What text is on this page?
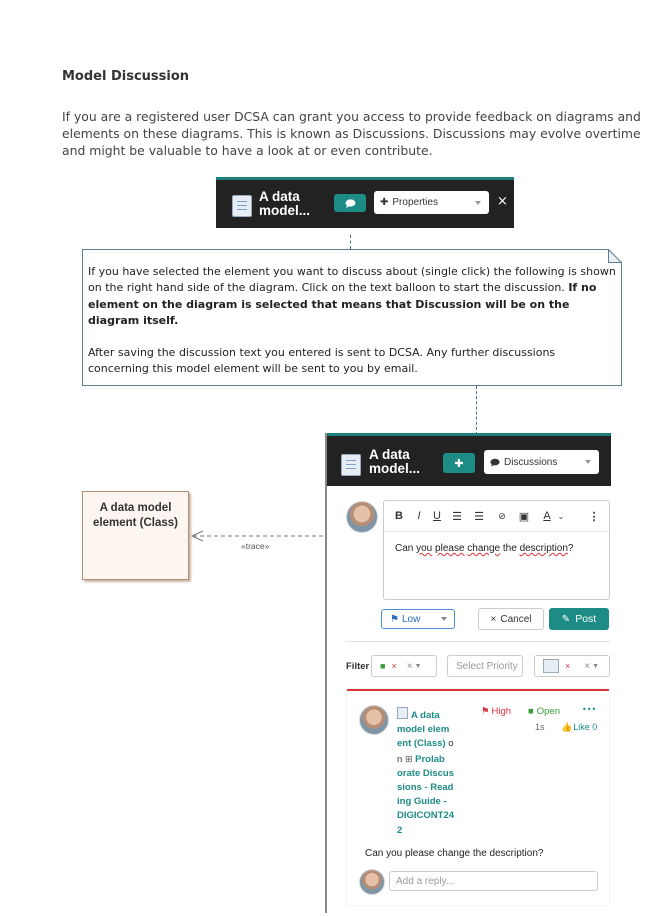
Model Discussion
If you are a registered user DCSA can grant you access to provide feedback on diagrams and elements on these diagrams. This is known as Discussions. Discussions may evolve overtime and might be valuable to have a look at or even contribute.
A data
model...
✚ Properties	×
If you have selected the element you want to discuss about (single click) the following is shown on the right hand side of the diagram. Click on the text balloon to start the discussion. If no element on the diagram is selected that means that Discussion will be on the diagram itself.
After saving the discussion text you entered is sent to DCSA. Any further discussions concerning this model element will be sent to you by email.
A data model
element (Class)
«trace»
A data
model...	✚	Discussions
B	I	U ☰ ☰	⊘ ▣	A ⌄ ⋮
Can you please change the description?
⚑ Low	× Cancel	✎ Post
Filter ■ × × ▼	Select Priority	× × ▼
A data
model elem
ent (Class) o
n ⊞ Prolab
orate Discus
sions - Read
ing Guide -
DIGICONT24
2
⚑ High ■ Open	•••
1s 👍Like 0
Can you please change the description?
Add a reply...
